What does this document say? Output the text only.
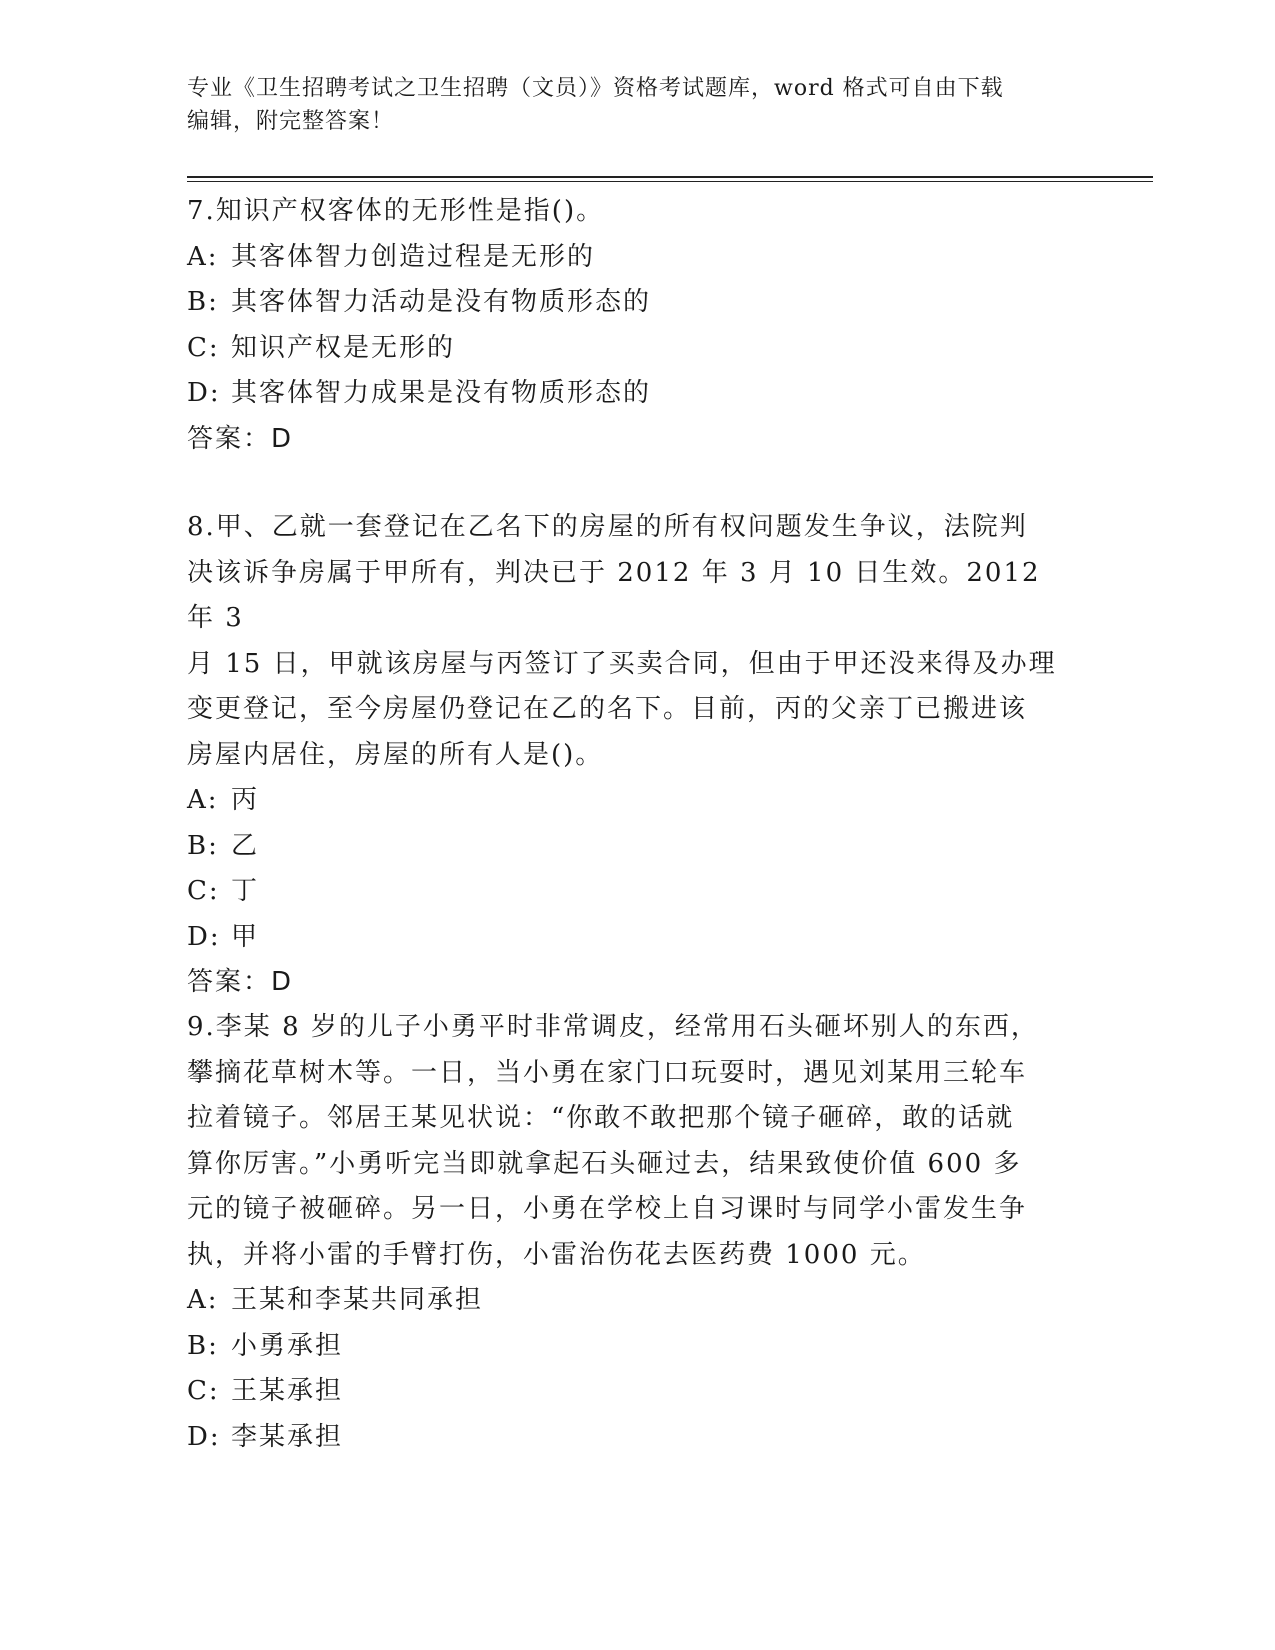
专业《卫生招聘考试之卫生招聘（文员）》资格考试题库，word 格式可自由下载
编辑，附完整答案！
7.知识产权客体的无形性是指()。
A: 其客体智力创造过程是无形的
B: 其客体智力活动是没有物质形态的
C: 知识产权是无形的
D: 其客体智力成果是没有物质形态的
答案：D
8.甲、乙就一套登记在乙名下的房屋的所有权问题发生争议，法院判
决该诉争房属于甲所有，判决已于 2012 年 3 月 10 日生效。2012 年 3
月 15 日，甲就该房屋与丙签订了买卖合同，但由于甲还没来得及办理
变更登记，至今房屋仍登记在乙的名下。目前，丙的父亲丁已搬进该
房屋内居住，房屋的所有人是()。
A: 丙
B: 乙
C: 丁
D: 甲
答案：D
9.李某 8 岁的儿子小勇平时非常调皮，经常用石头砸坏别人的东西，
攀摘花草树木等。一日，当小勇在家门口玩耍时，遇见刘某用三轮车
拉着镜子。邻居王某见状说：“你敢不敢把那个镜子砸碎，敢的话就
算你厉害。”小勇听完当即就拿起石头砸过去，结果致使价值 600 多
元的镜子被砸碎。另一日，小勇在学校上自习课时与同学小雷发生争
执，并将小雷的手臂打伤，小雷治伤花去医药费 1000 元。
A: 王某和李某共同承担
B: 小勇承担
C: 王某承担
D: 李某承担
